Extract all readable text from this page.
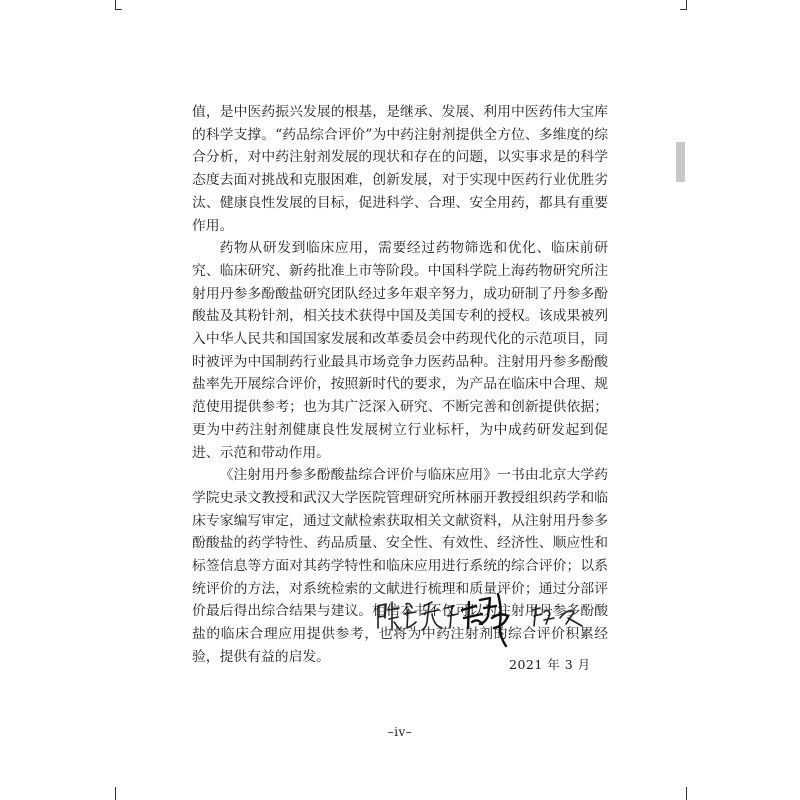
值，是中医药振兴发展的根基，是继承、发展、利用中医药伟大宝库的科学支撑。“药品综合评价”为中药注射剂提供全方位、多维度的综合分析，对中药注射剂发展的现状和存在的问题，以实事求是的科学态度去面对挑战和克服困难，创新发展，对于实现中医药行业优胜劣汰、健康良性发展的目标，促进科学、合理、安全用药，都具有重要作用。

药物从研发到临床应用，需要经过药物筛选和优化、临床前研究、临床研究、新药批准上市等阶段。中国科学院上海药物研究所注射用丹参多酚酸盐研究团队经过多年艰辛努力，成功研制了丹参多酚酸盐及其粉针剂，相关技术获得中国及美国专利的授权。该成果被列入中华人民共和国国家发展和改革委员会中药现代化的示范项目，同时被评为中国制药行业最具市场竞争力医药品种。注射用丹参多酚酸盐率先开展综合评价，按照新时代的要求，为产品在临床中合理、规范使用提供参考；也为其广泛深入研究、不断完善和创新提供依据；更为中药注射剂健康良性发展树立行业标杆，为中成药研发起到促进、示范和带动作用。

《注射用丹参多酚酸盐综合评价与临床应用》一书由北京大学药学院史录文教授和武汉大学医院管理研究所林丽开教授组织药学和临床专家编写审定，通过文献检索获取相关文献资料，从注射用丹参多酚酸盐的药学特性、药品质量、安全性、有效性、经济性、顺应性和标签信息等方面对其药学特性和临床应用进行系统的综合评价；以系统评价的方法，对系统检索的文献进行梳理和质量评价；通过分部评价最后得出综合结果与建议。相信本书不仅可以为注射用丹参多酚酸盐的临床合理应用提供参考，也将为中药注射剂的综合评价积累经验，提供有益的启发。	2021 年 3 月
–iv–
